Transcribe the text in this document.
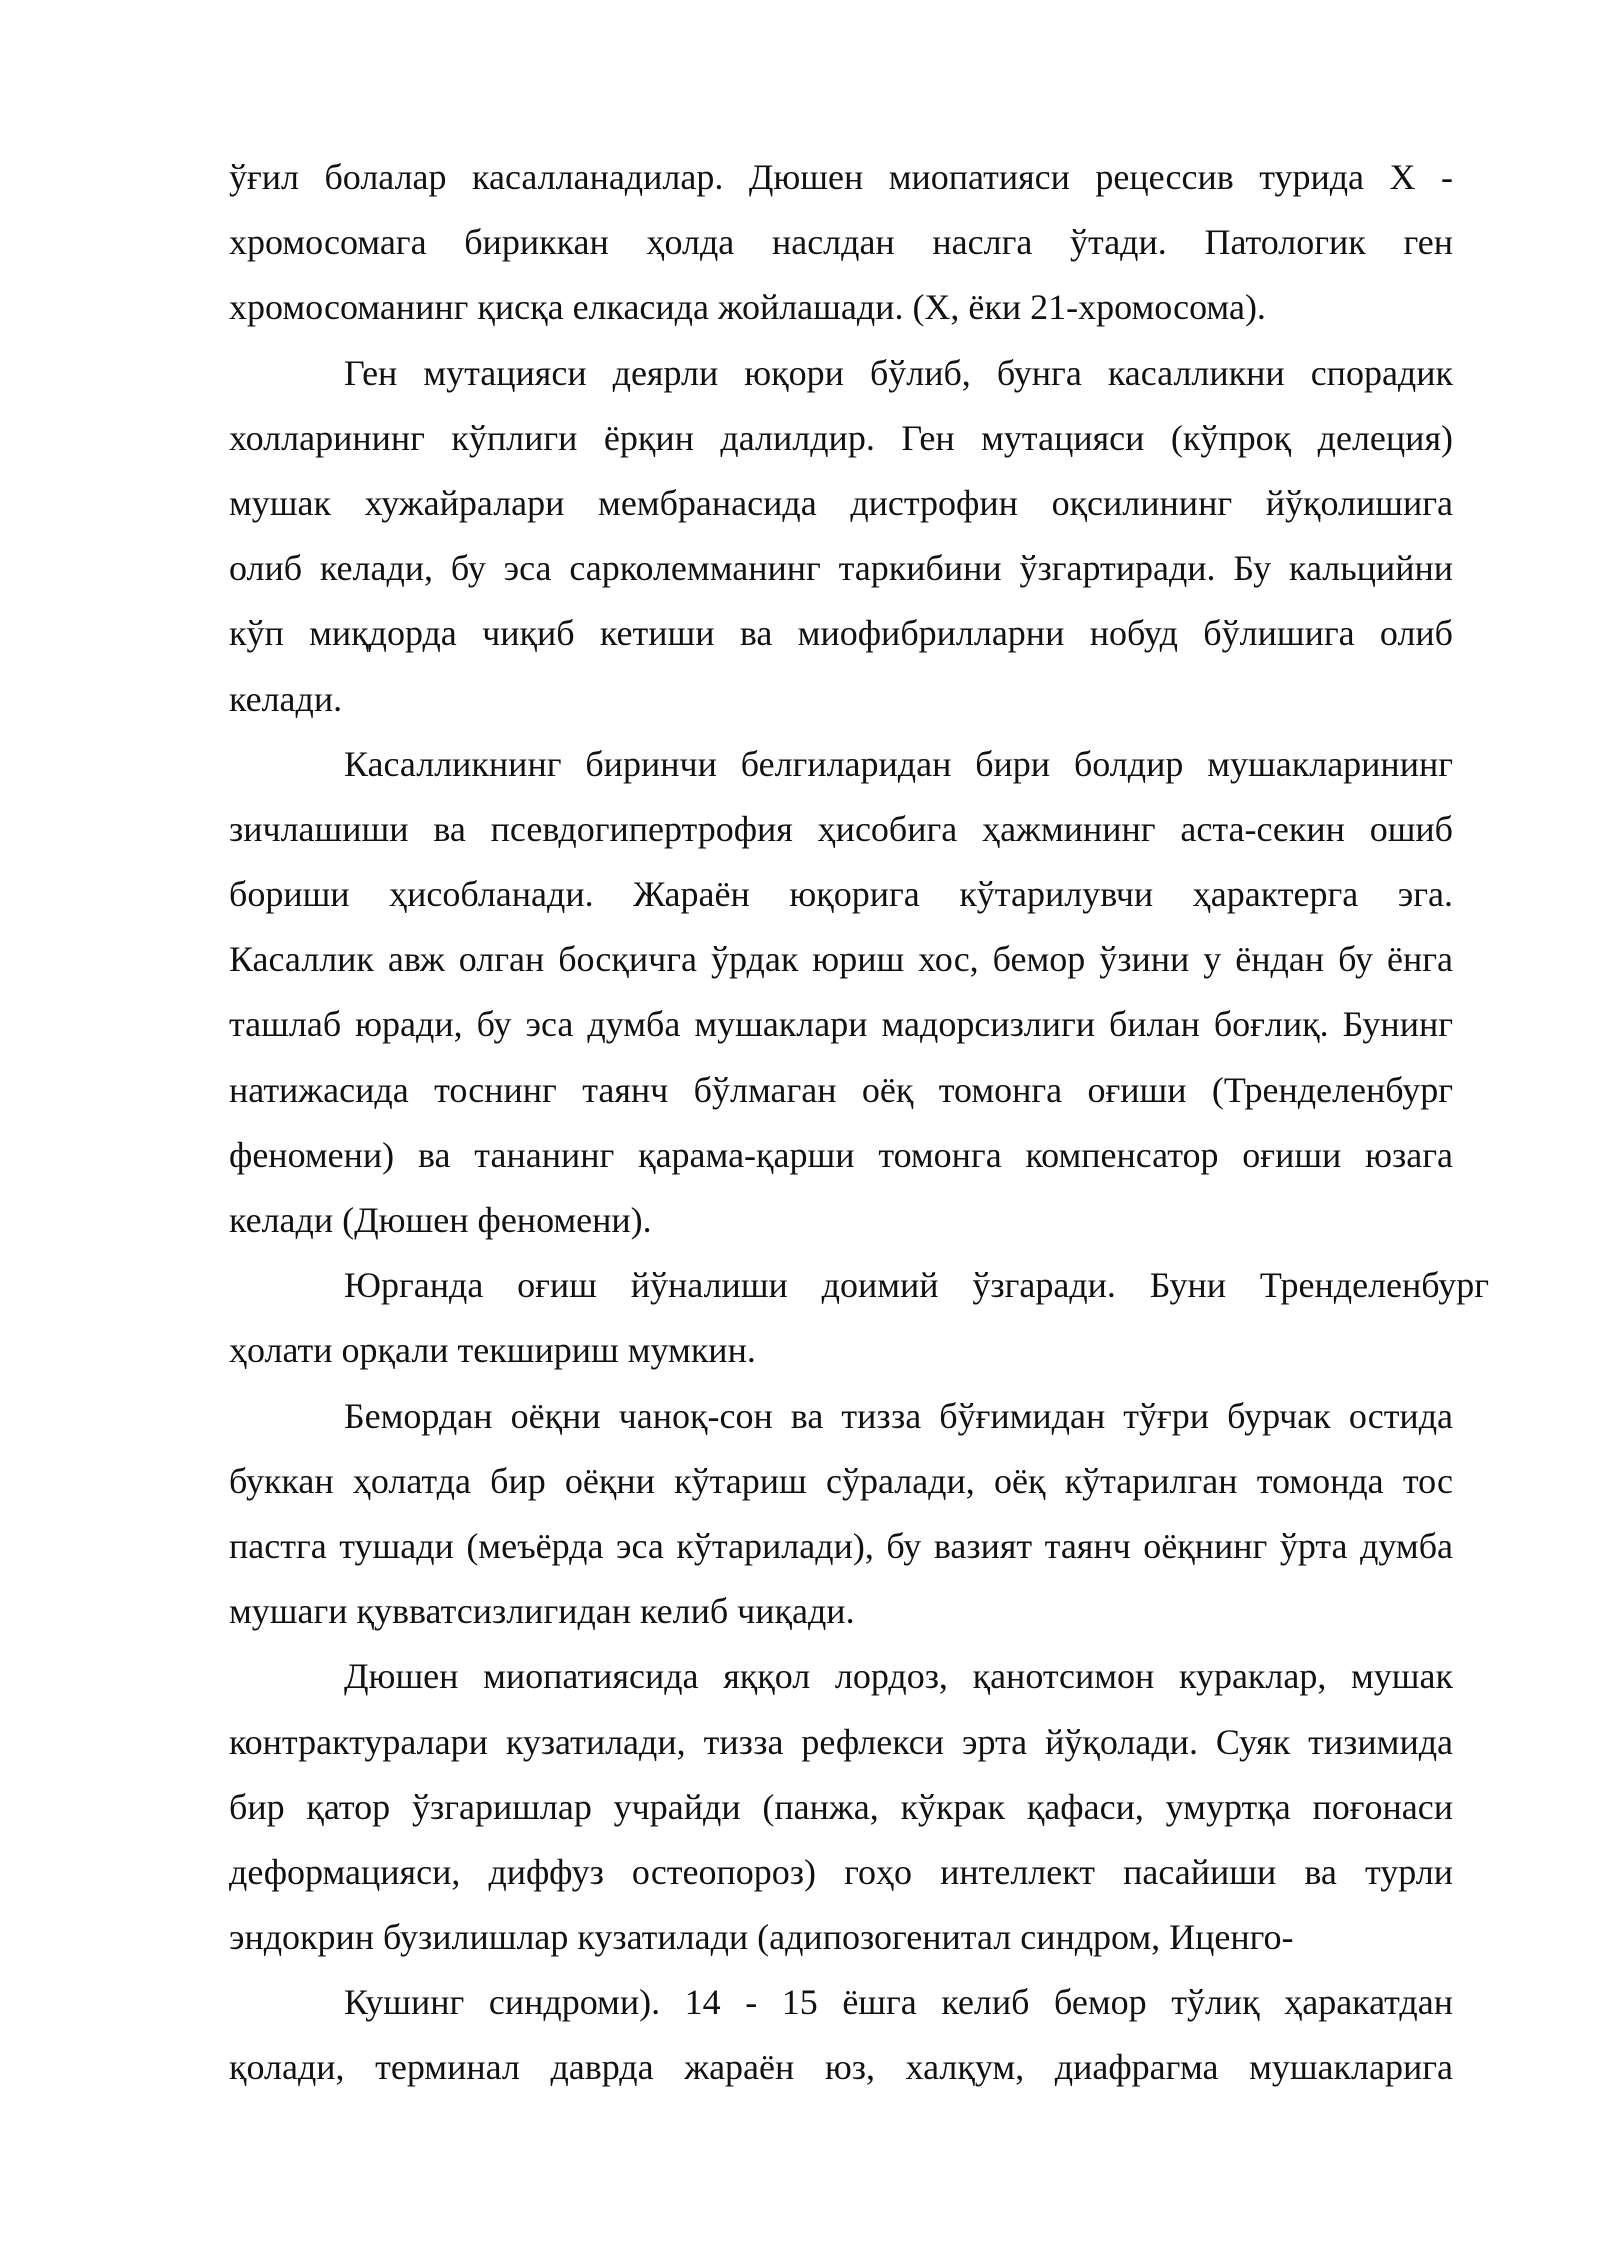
ўғил болалар касалланадилар. Дюшен миопатияси рецессив турида Х -
хромосомага бириккан ҳолда наслдан наслга ўтади. Патологик ген
хромосоманинг қисқа елкасида жойлашади. (Х, ёки 21-хромосома).
Ген мутацияси деярли юқори бўлиб, бунга касалликни спорадик
холларининг кўплиги ёрқин далилдир. Ген мутацияси (кўпроқ делеция)
мушак хужайралари мембранасида дистрофин оқсилининг йўқолишига
олиб келади, бу эса сарколемманинг таркибини ўзгартиради. Бу кальцийни
кўп миқдорда чиқиб кетиши ва миофибрилларни нобуд бўлишига олиб
келади.
Касалликнинг биринчи белгиларидан бири болдир мушакларининг
зичлашиши ва псевдогипертрофия ҳисобига ҳажмининг аста-секин ошиб
бориши ҳисобланади. Жараён юқорига кўтарилувчи ҳарактерга эга.
Касаллик авж олган босқичга ўрдак юриш хос, бемор ўзини у ёндан бу ёнга
ташлаб юради, бу эса думба мушаклари мадорсизлиги билан боғлиқ. Бунинг
натижасида тоснинг таянч бўлмаган оёқ томонга оғиши (Тренделенбург
феномени) ва тананинг қарама-қарши томонга компенсатор оғиши юзага
келади (Дюшен феномени).
Юрганда оғиш йўналиши доимий ўзгаради. Буни Тренделенбург
ҳолати орқали текшириш мумкин.
Бемордан оёқни чаноқ-сон ва тизза бўғимидан тўғри бурчак остида
буккан ҳолатда бир оёқни кўтариш сўралади, оёқ кўтарилган томонда тос
пастга тушади (меъёрда эса кўтарилади), бу вазият таянч оёқнинг ўрта думба
мушаги қувватсизлигидан келиб чиқади.
Дюшен миопатиясида яққол лордоз, қанотсимон кураклар, мушак
контрактуралари кузатилади, тизза рефлекси эрта йўқолади. Суяк тизимида
бир қатор ўзгаришлар учрайди (панжа, кўкрак қафаси, умуртқа поғонаси
деформацияси, диффуз остеопороз) гоҳо интеллект пасайиши ва турли
эндокрин бузилишлар кузатилади (адипозогенитал синдром, Иценго-
Кушинг синдроми). 14 - 15 ёшга келиб бемор тўлиқ ҳаракатдан
қолади, терминал даврда жараён юз, халқум, диафрагма мушакларига
